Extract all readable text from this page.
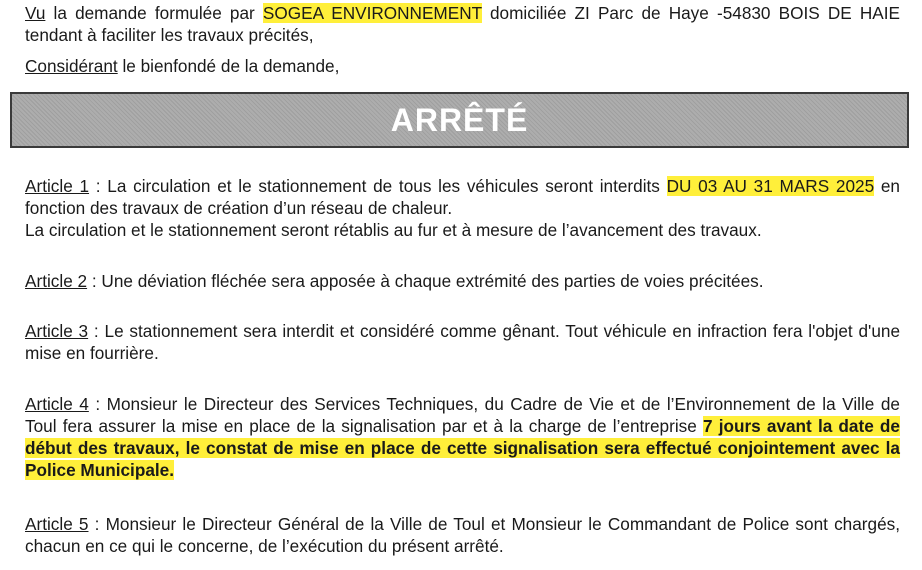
Vu la demande formulée par SOGEA ENVIRONNEMENT domiciliée ZI Parc de Haye -54830 BOIS DE HAIE tendant à faciliter les travaux précités,

Considérant le bienfondé de la demande,

ARRÊTÉ

Article 1 : La circulation et le stationnement de tous les véhicules seront interdits DU 03 AU 31 MARS 2025 en fonction des travaux de création d’un réseau de chaleur.
La circulation et le stationnement seront rétablis au fur et à mesure de l’avancement des travaux.

Article 2 : Une déviation fléchée sera apposée à chaque extrémité des parties de voies précitées.

Article 3 : Le stationnement sera interdit et considéré comme gênant. Tout véhicule en infraction fera l'objet d'une mise en fourrière.

Article 4 : Monsieur le Directeur des Services Techniques, du Cadre de Vie et de l’Environnement de la Ville de Toul fera assurer la mise en place de la signalisation par et à la charge de l’entreprise 7 jours avant la date de début des travaux, le constat de mise en place de cette signalisation sera effectué conjointement avec la Police Municipale.

Article 5 : Monsieur le Directeur Général de la Ville de Toul et Monsieur le Commandant de Police sont chargés, chacun en ce qui le concerne, de l’exécution du présent arrêté.
